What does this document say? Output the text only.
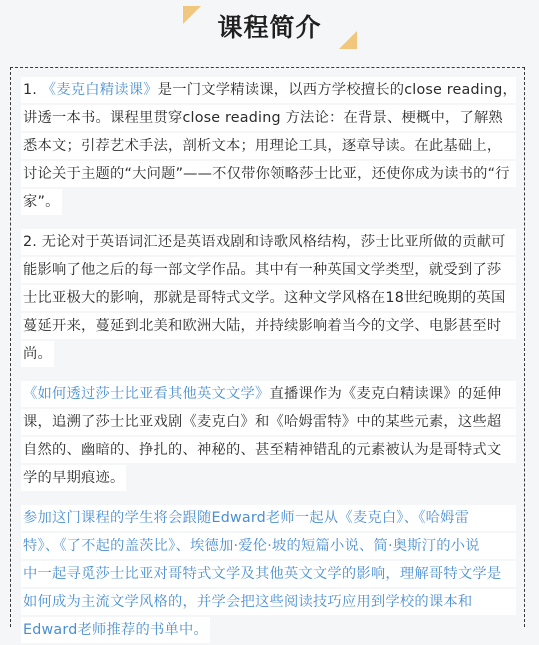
课程简介
1. 《麦克白精读课》是一门文学精读课，以西方学校擅长的close reading，
讲透一本书。课程里贯穿close reading 方法论：在背景、梗概中，了解熟
悉本文；引荐艺术手法，剖析文本；用理论工具，逐章导读。在此基础上，
讨论关于主题的“大问题”——不仅带你领略莎士比亚，还使你成为读书的“行
家”。
2. 无论对于英语词汇还是英语戏剧和诗歌风格结构，莎士比亚所做的贡献可
能影响了他之后的每一部文学作品。其中有一种英国文学类型，就受到了莎
士比亚极大的影响，那就是哥特式文学。这种文学风格在18世纪晚期的英国
蔓延开来，蔓延到北美和欧洲大陆，并持续影响着当今的文学、电影甚至时
尚。
《如何透过莎士比亚看其他英文文学》直播课作为《麦克白精读课》的延伸
课，追溯了莎士比亚戏剧《麦克白》和《哈姆雷特》中的某些元素，这些超
自然的、幽暗的、挣扎的、神秘的、甚至精神错乱的元素被认为是哥特式文
学的早期痕迹。
参加这门课程的学生将会跟随Edward老师一起从《麦克白》、《哈姆雷
特》、《了不起的盖茨比》、埃德加·爱伦·坡的短篇小说、简·奥斯汀的小说
中一起寻觅莎士比亚对哥特式文学及其他英文文学的影响，理解哥特文学是
如何成为主流文学风格的，并学会把这些阅读技巧应用到学校的课本和
Edward老师推荐的书单中。
